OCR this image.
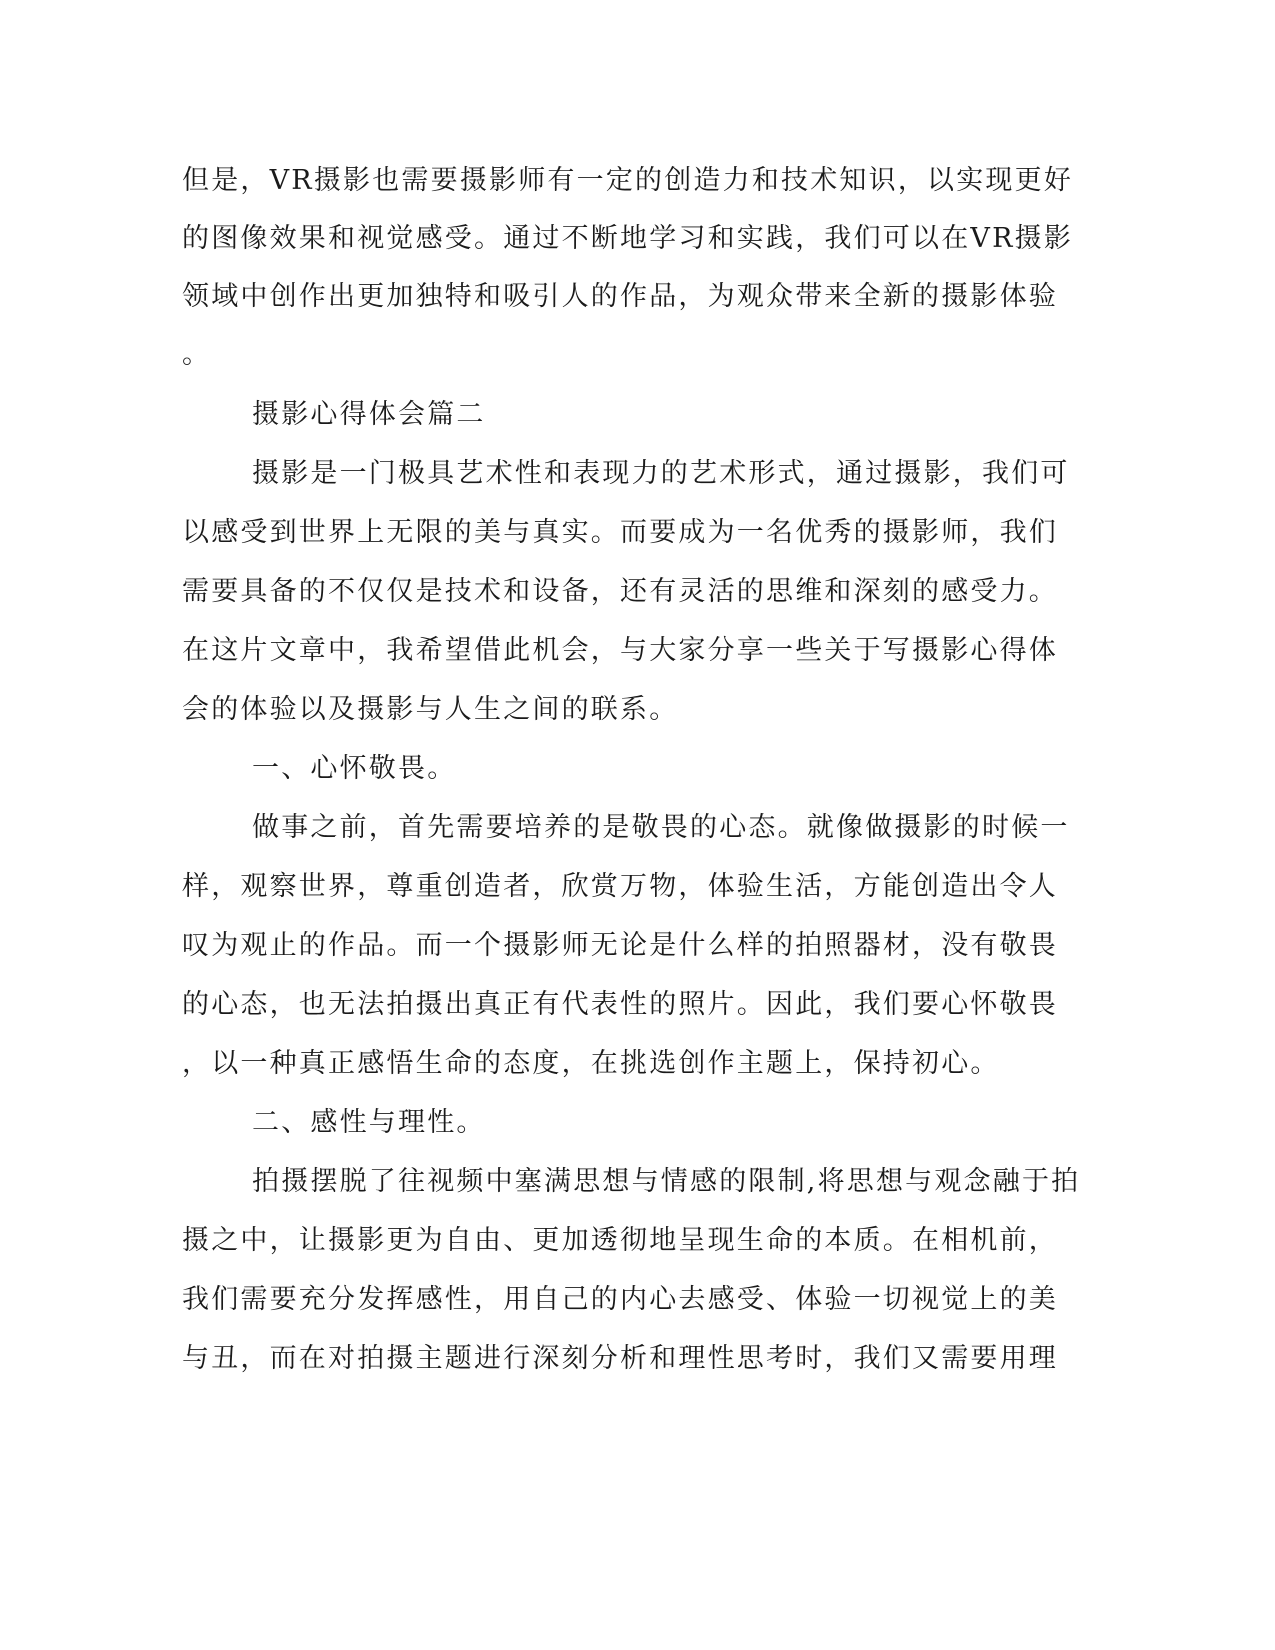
但是，VR摄影也需要摄影师有一定的创造力和技术知识，以实现更好

的图像效果和视觉感受。通过不断地学习和实践，我们可以在VR摄影

领域中创作出更加独特和吸引人的作品，为观众带来全新的摄影体验

。

摄影心得体会篇二

摄影是一门极具艺术性和表现力的艺术形式，通过摄影，我们可

以感受到世界上无限的美与真实。而要成为一名优秀的摄影师，我们

需要具备的不仅仅是技术和设备，还有灵活的思维和深刻的感受力。

在这片文章中，我希望借此机会，与大家分享一些关于写摄影心得体

会的体验以及摄影与人生之间的联系。

一、心怀敬畏。

做事之前，首先需要培养的是敬畏的心态。就像做摄影的时候一

样，观察世界，尊重创造者，欣赏万物，体验生活，方能创造出令人

叹为观止的作品。而一个摄影师无论是什么样的拍照器材，没有敬畏

的心态，也无法拍摄出真正有代表性的照片。因此，我们要心怀敬畏

，以一种真正感悟生命的态度，在挑选创作主题上，保持初心。

二、感性与理性。

拍摄摆脱了往视频中塞满思想与情感的限制,将思想与观念融于拍

摄之中，让摄影更为自由、更加透彻地呈现生命的本质。在相机前，

我们需要充分发挥感性，用自己的内心去感受、体验一切视觉上的美

与丑，而在对拍摄主题进行深刻分析和理性思考时，我们又需要用理
